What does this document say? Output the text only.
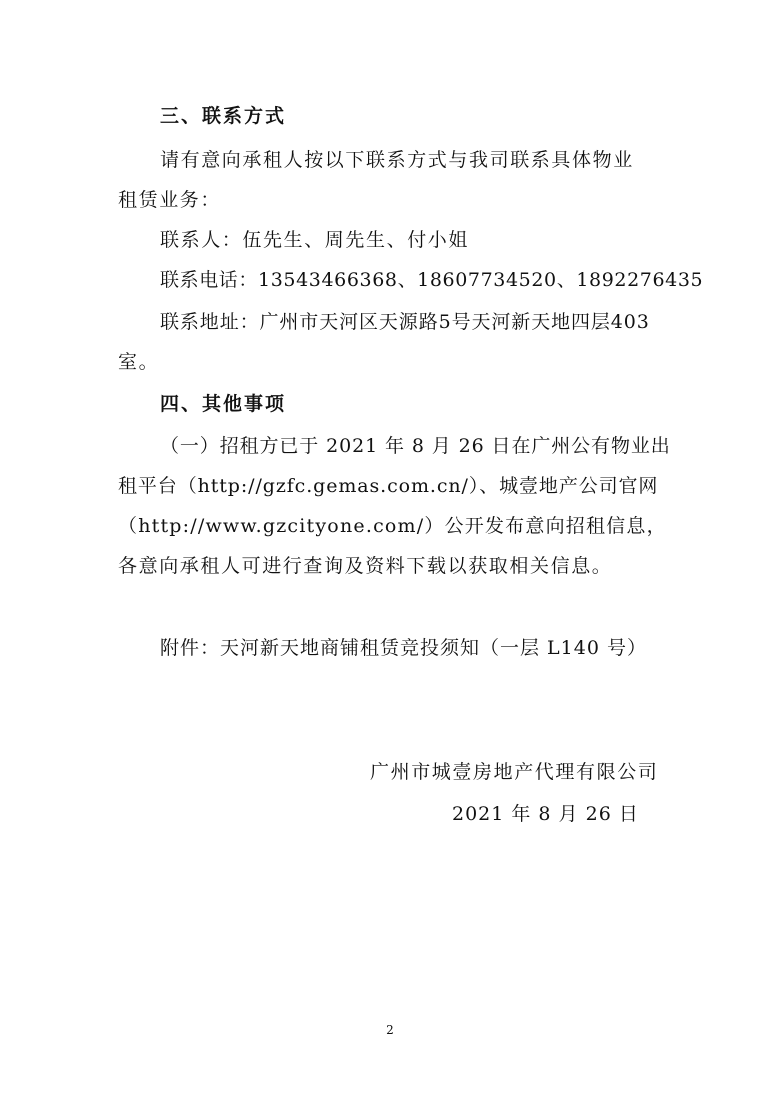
三、联系方式
请有意向承租人按以下联系方式与我司联系具体物业
租赁业务：
联系人：伍先生、周先生、付小姐
联系电话：13543466368、18607734520、1892276435
联系地址：广州市天河区天源路5号天河新天地四层403
室。
四、其他事项
（一）招租方已于 2021 年 8 月 26 日在广州公有物业出
租平台（http://gzfc.gemas.com.cn/）、城壹地产公司官网
（http://www.gzcityone.com/）公开发布意向招租信息，
各意向承租人可进行查询及资料下载以获取相关信息。
附件：天河新天地商铺租赁竞投须知（一层 L140 号）
广州市城壹房地产代理有限公司
2021 年 8 月 26 日
2
